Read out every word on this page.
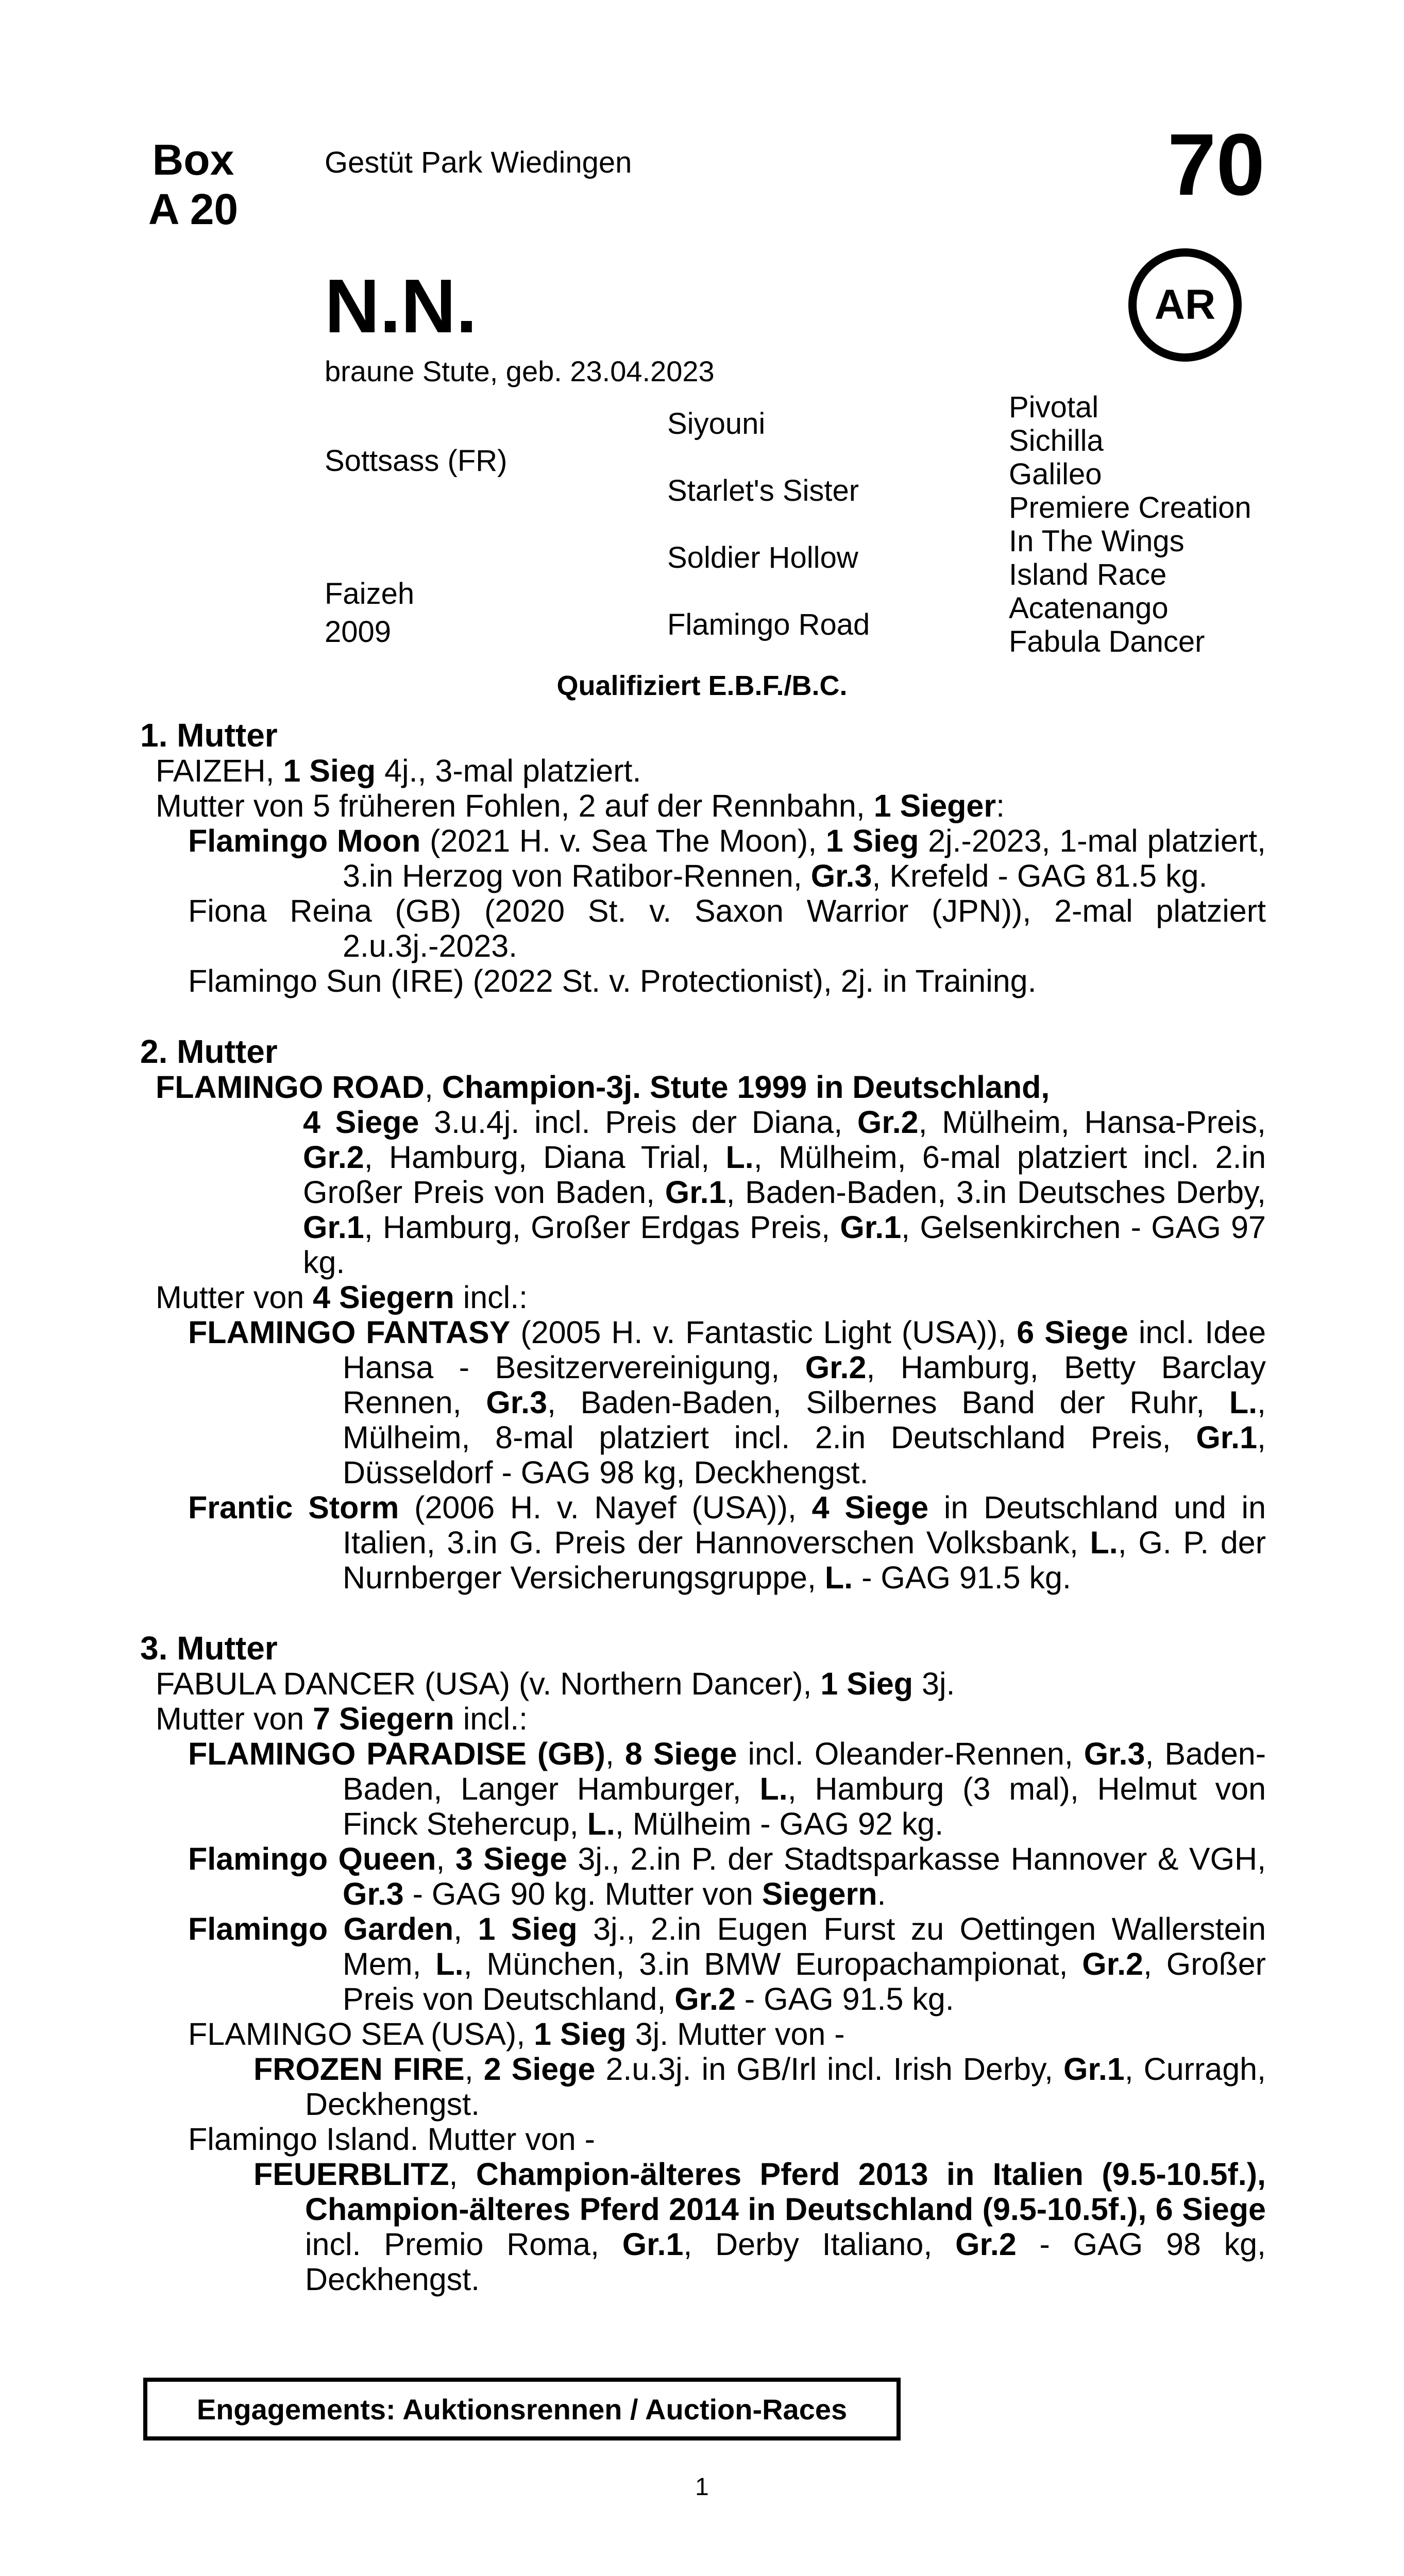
Box
A 20
Gestüt Park Wiedingen	70
AR
N.N.
braune Stute, geb. 23.04.2023
Sottsass (FR)
Faizeh
2009
Siyouni
Starlet's Sister
Soldier Hollow
Flamingo Road
Pivotal
Sichilla
Galileo
Premiere Creation
In The Wings
Island Race
Acatenango
Fabula Dancer
Qualifiziert E.B.F./B.C.
1. Mutter

FAIZEH, 1 Sieg 4j., 3-mal platziert.

Mutter von 5 früheren Fohlen, 2 auf der Rennbahn, 1 Sieger:

Flamingo Moon (2021 H. v. Sea The Moon), 1 Sieg 2j.-2023, 1-mal platziert, 3.in Herzog von Ratibor-Rennen, Gr.3, Krefeld - GAG 81.5 kg.

Fiona Reina (GB) (2020 St. v. Saxon Warrior (JPN)), 2-mal platziert 2.u.3j.-2023.

Flamingo Sun (IRE) (2022 St. v. Protectionist), 2j. in Training.

2. Mutter

FLAMINGO ROAD, Champion-3j. Stute 1999 in Deutschland,

4 Siege 3.u.4j. incl. Preis der Diana, Gr.2, Mülheim, Hansa-Preis, Gr.2, Hamburg, Diana Trial, L., Mülheim, 6-mal platziert incl. 2.in Großer Preis von Baden, Gr.1, Baden-Baden, 3.in Deutsches Derby, Gr.1, Hamburg, Großer Erdgas Preis, Gr.1, Gelsenkirchen - GAG 97 kg.

Mutter von 4 Siegern incl.:

FLAMINGO FANTASY (2005 H. v. Fantastic Light (USA)), 6 Siege incl. Idee Hansa - Besitzervereinigung, Gr.2, Hamburg, Betty Barclay Rennen, Gr.3, Baden-Baden, Silbernes Band der Ruhr, L., Mülheim, 8-mal platziert incl. 2.in Deutschland Preis, Gr.1, Düsseldorf - GAG 98 kg, Deckhengst.

Frantic Storm (2006 H. v. Nayef (USA)), 4 Siege in Deutschland und in Italien, 3.in G. Preis der Hannoverschen Volksbank, L., G. P. der Nurnberger Versicherungsgruppe, L. - GAG 91.5 kg.

3. Mutter

FABULA DANCER (USA) (v. Northern Dancer), 1 Sieg 3j.

Mutter von 7 Siegern incl.:

FLAMINGO PARADISE (GB), 8 Siege incl. Oleander-Rennen, Gr.3, Baden-Baden, Langer Hamburger, L., Hamburg (3 mal), Helmut von Finck Stehercup, L., Mülheim - GAG 92 kg.

Flamingo Queen, 3 Siege 3j., 2.in P. der Stadtsparkasse Hannover & VGH, Gr.3 - GAG 90 kg. Mutter von Siegern.

Flamingo Garden, 1 Sieg 3j., 2.in Eugen Furst zu Oettingen Wallerstein Mem, L., München, 3.in BMW Europachampionat, Gr.2, Großer Preis von Deutschland, Gr.2 - GAG 91.5 kg.

FLAMINGO SEA (USA), 1 Sieg 3j. Mutter von -

FROZEN FIRE, 2 Siege 2.u.3j. in GB/Irl incl. Irish Derby, Gr.1, Curragh, Deckhengst.

Flamingo Island. Mutter von -

FEUERBLITZ, Champion-älteres Pferd 2013 in Italien (9.5-10.5f.), Champion-älteres Pferd 2014 in Deutschland (9.5-10.5f.), 6 Siege incl. Premio Roma, Gr.1, Derby Italiano, Gr.2 - GAG 98 kg, Deckhengst.

Engagements: Auktionsrennen / Auction-Races
1
